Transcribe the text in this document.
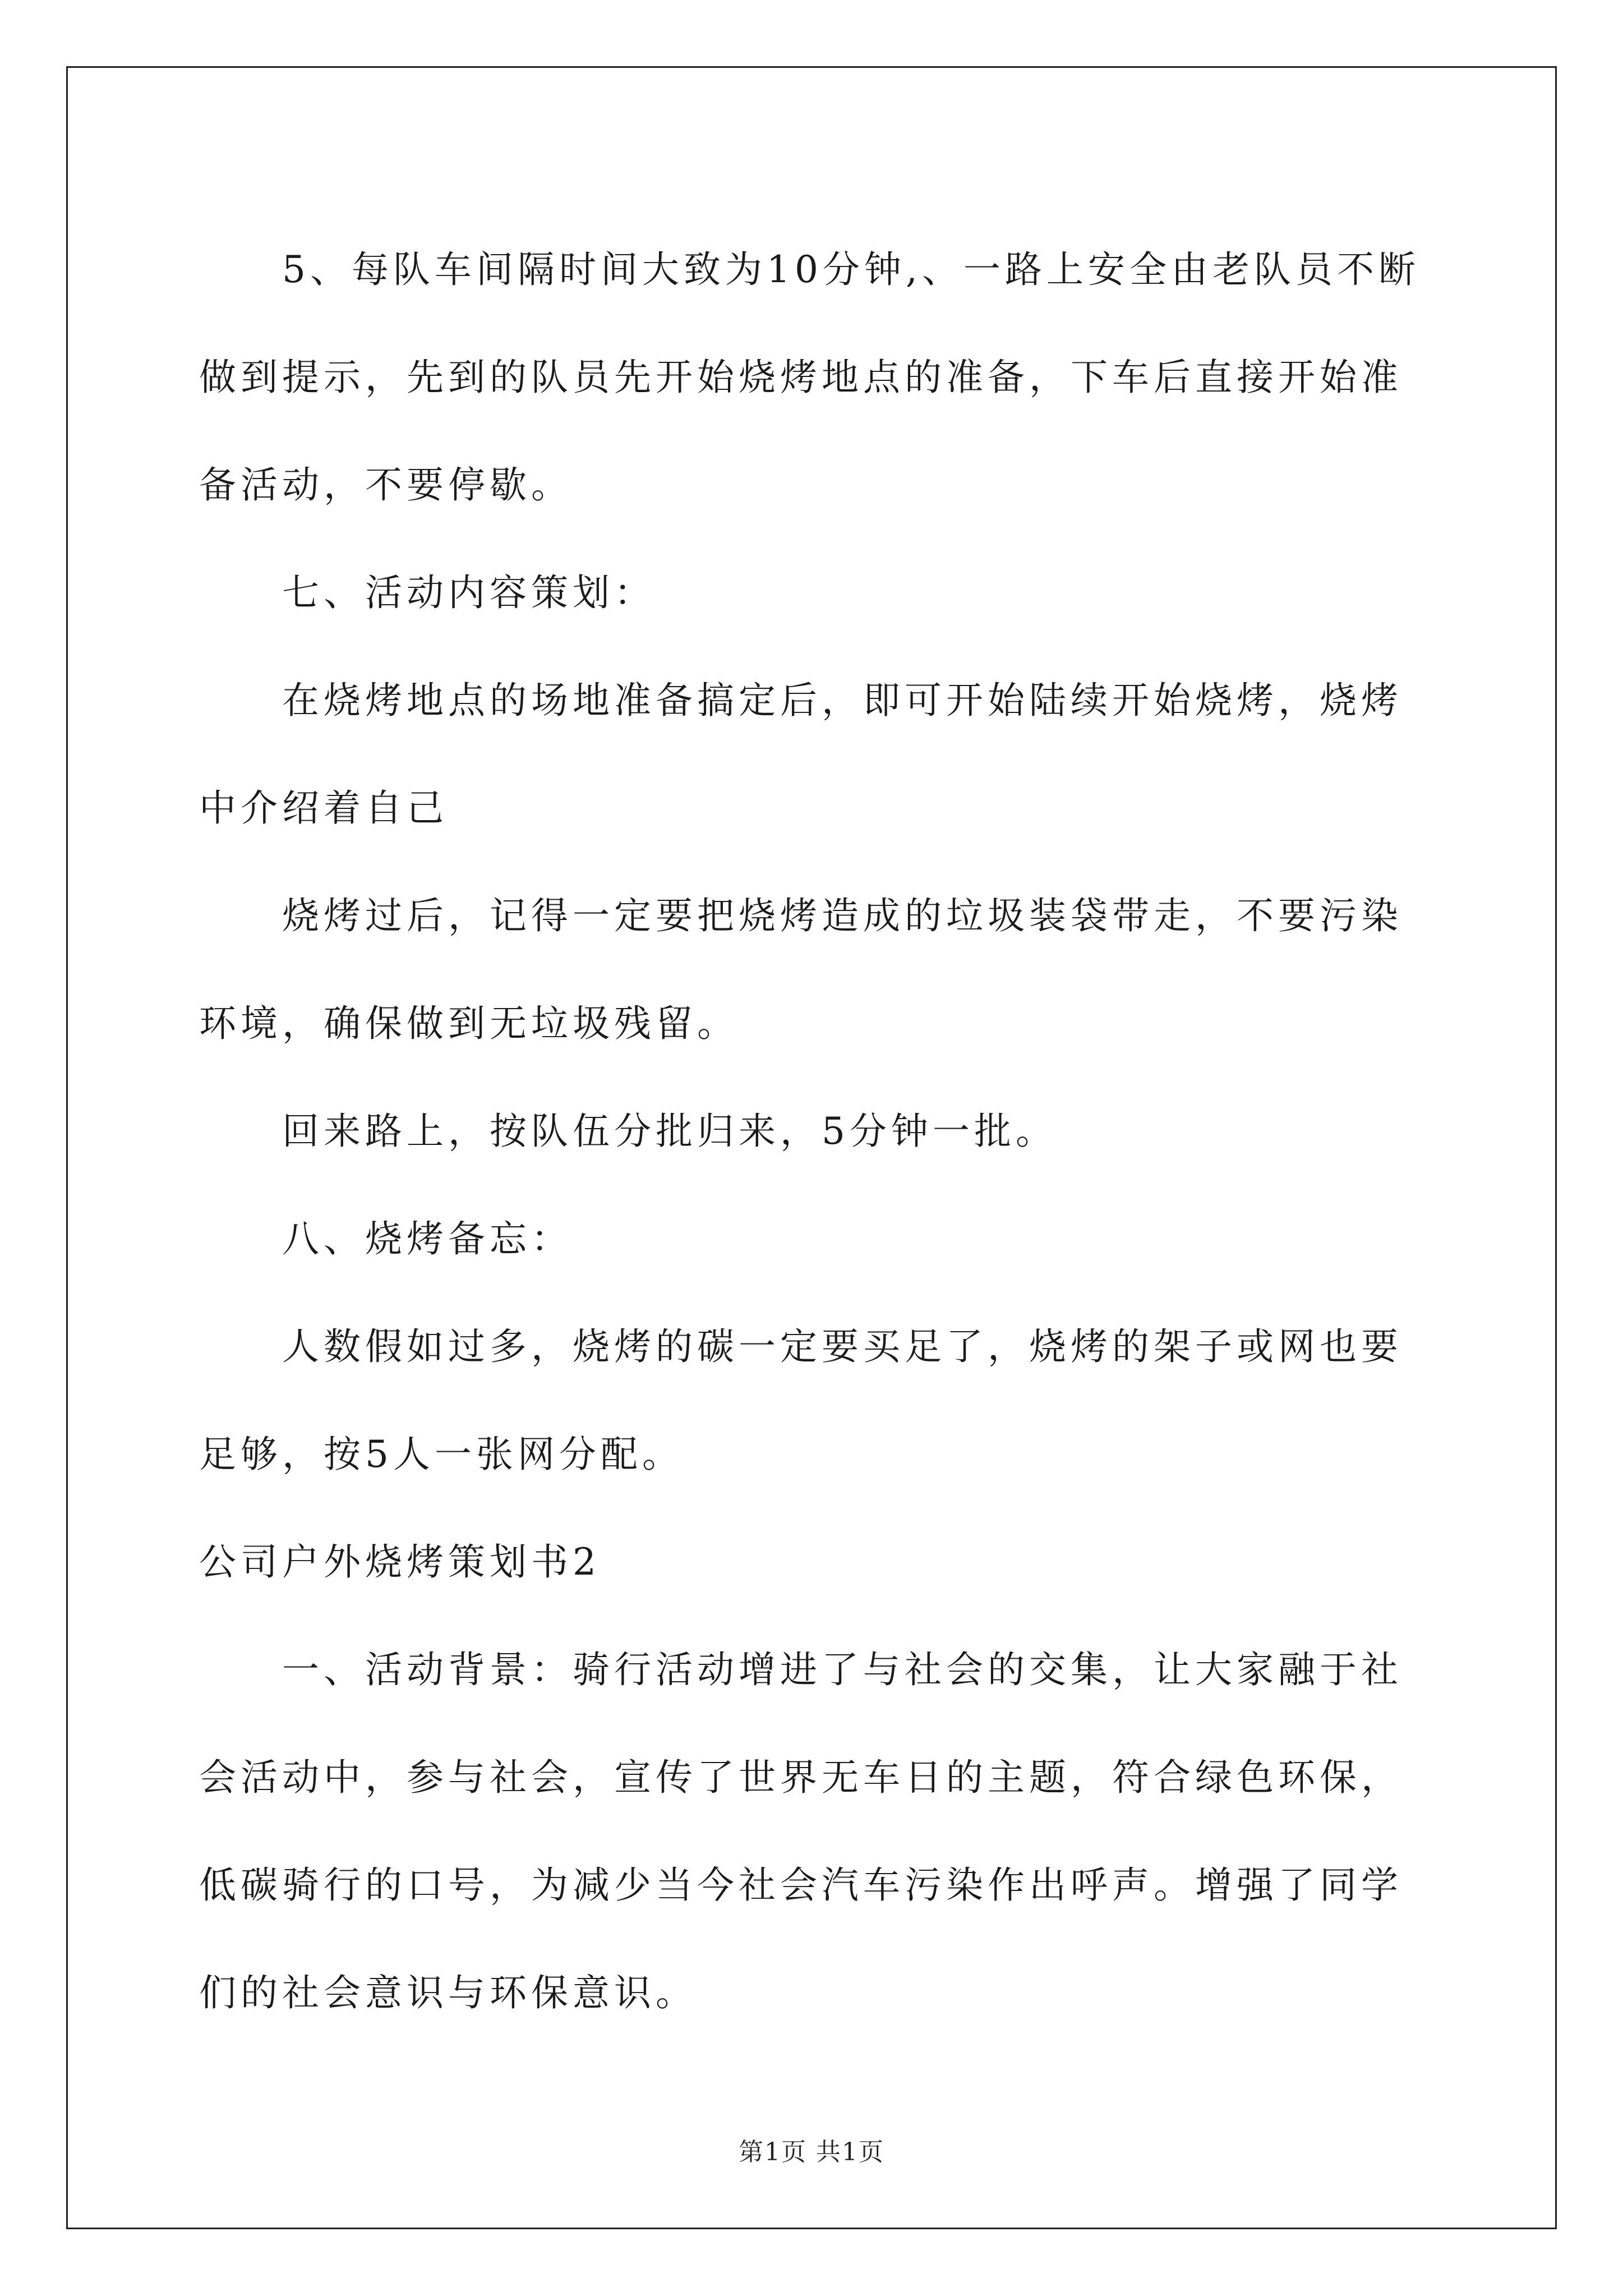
5、每队车间隔时间大致为10分钟,、一路上安全由老队员不断做到提示，先到的队员先开始烧烤地点的准备，下车后直接开始准备活动，不要停歇。

七、活动内容策划：

在烧烤地点的场地准备搞定后，即可开始陆续开始烧烤，烧烤中介绍着自己

烧烤过后，记得一定要把烧烤造成的垃圾装袋带走，不要污染环境，确保做到无垃圾残留。

回来路上，按队伍分批归来，5分钟一批。

八、烧烤备忘：

人数假如过多，烧烤的碳一定要买足了，烧烤的架子或网也要足够，按5人一张网分配。

公司户外烧烤策划书2

一、活动背景：骑行活动增进了与社会的交集，让大家融于社会活动中，参与社会，宣传了世界无车日的主题，符合绿色环保，低碳骑行的口号，为减少当今社会汽车污染作出呼声。增强了同学们的社会意识与环保意识。

第1页 共1页
